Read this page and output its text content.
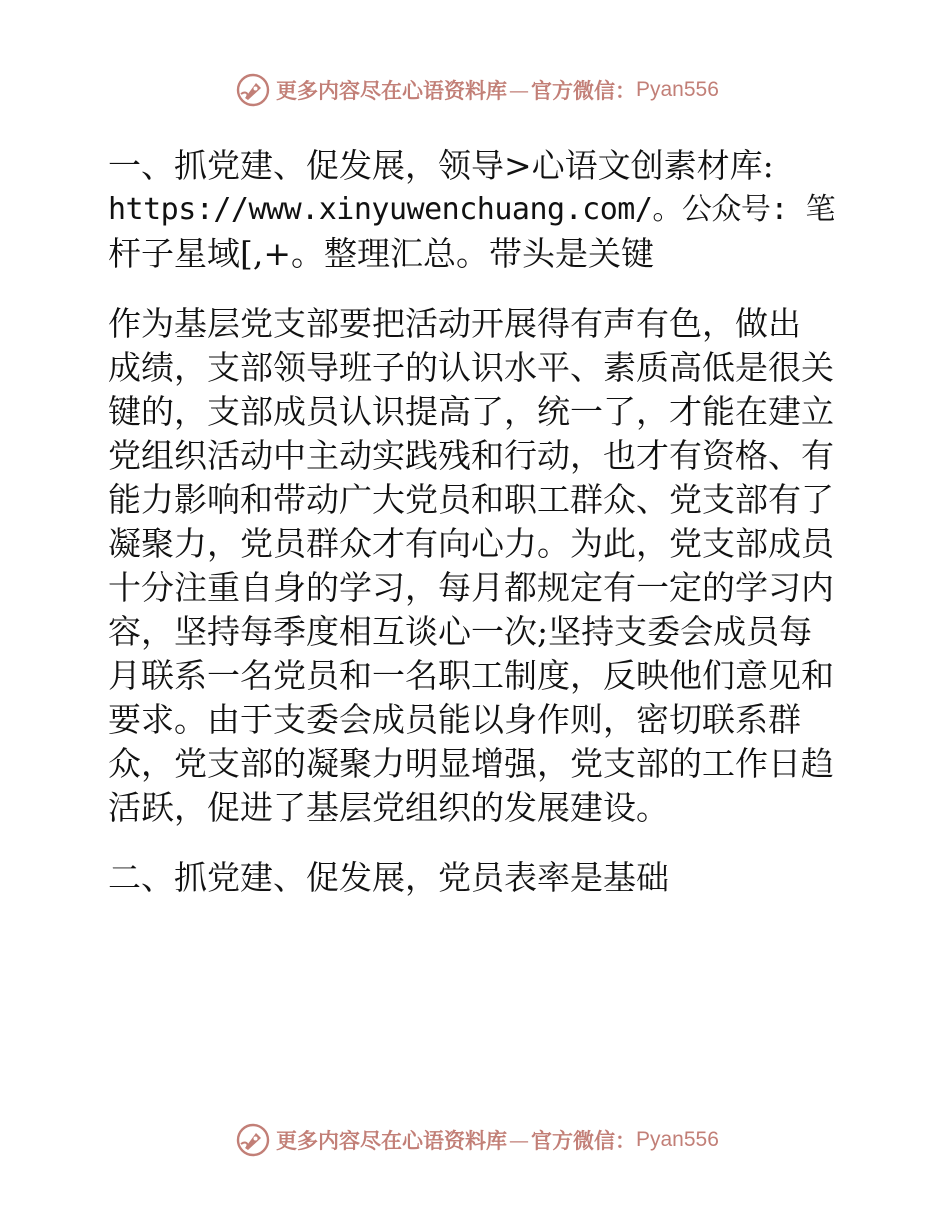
更多内容尽在心语资料库 — 官方微信： Pyan556

一、抓党建、促发展，领导>心语文创素材库:
https://www.xinyuwenchuang.com/。公众号: 笔
杆子星域[,+。整理汇总。带头是关键

作为基层党支部要把活动开展得有声有色，做出
成绩，支部领导班子的认识水平、素质高低是很关
键的，支部成员认识提高了，统一了，才能在建立
党组织活动中主动实践残和行动，也才有资格、有
能力影响和带动广大党员和职工群众、党支部有了
凝聚力，党员群众才有向心力。为此，党支部成员
十分注重自身的学习，每月都规定有一定的学习内
容，坚持每季度相互谈心一次;坚持支委会成员每
月联系一名党员和一名职工制度，反映他们意见和
要求。由于支委会成员能以身作则，密切联系群
众，党支部的凝聚力明显增强，党支部的工作日趋
活跃，促进了基层党组织的发展建设。

二、抓党建、促发展，党员表率是基础

更多内容尽在心语资料库 — 官方微信： Pyan556
